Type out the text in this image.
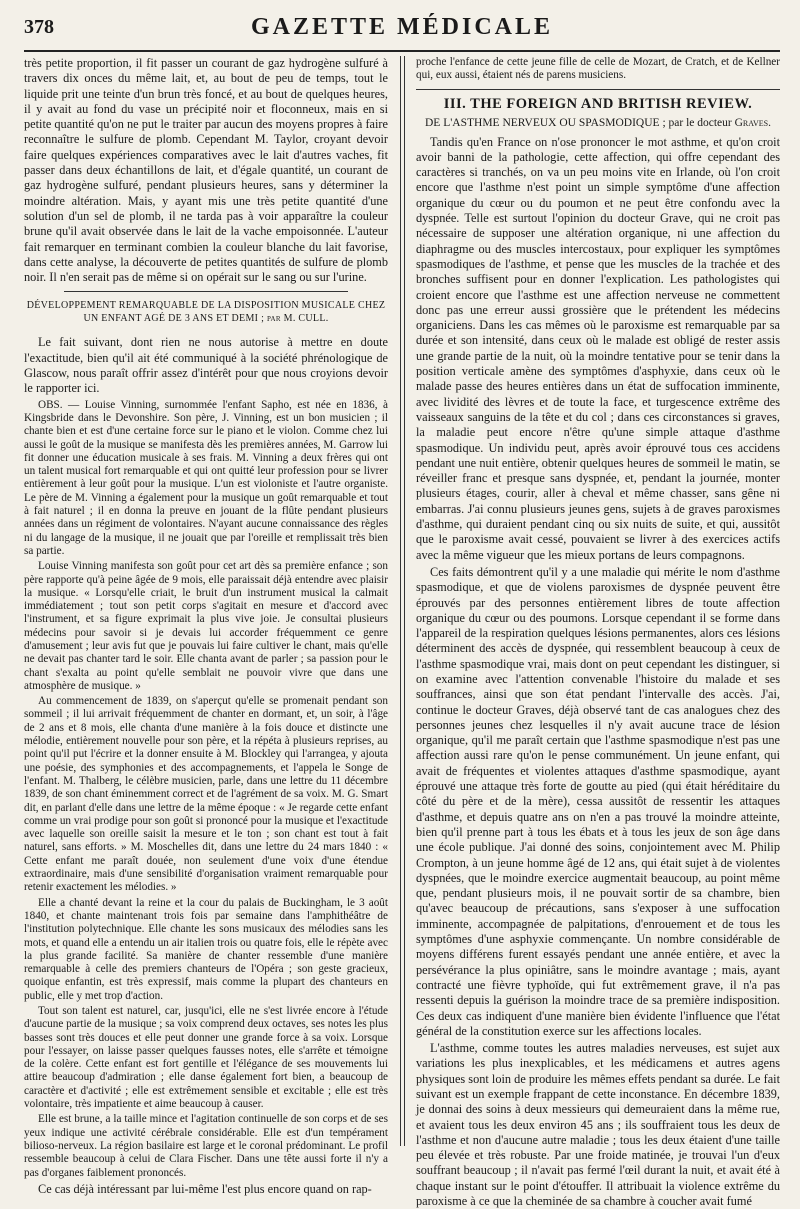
378	GAZETTE MÉDICALE

très petite proportion, il fit passer un courant de gaz hydrogène sulfuré à travers dix onces du même lait, et, au bout de peu de temps, tout le liquide prit une teinte d'un brun très foncé, et au bout de quelques heures, il y avait au fond du vase un précipité noir et floconneux, mais en si petite quantité qu'on ne put le traiter par aucun des moyens propres à faire reconnaître le sulfure de plomb. Cependant M. Taylor, croyant devoir faire quelques expériences comparatives avec le lait d'autres vaches, fit passer dans deux échantillons de lait, et d'égale quantité, un courant de gaz hydrogène sulfuré, pendant plusieurs heures, sans y déterminer la moindre altération. Mais, y ayant mis une très petite quantité d'une solution d'un sel de plomb, il ne tarda pas à voir apparaître la couleur brune qu'il avait observée dans le lait de la vache empoisonnée. L'auteur fait remarquer en terminant combien la couleur blanche du lait favorise, dans cette analyse, la découverte de petites quantités de sulfure de plomb noir. Il n'en serait pas de même si on opérait sur le sang ou sur l'urine.

DÉVELOPPEMENT REMARQUABLE DE LA DISPOSITION MUSICALE CHEZ UN ENFANT AGÉ DE 3 ANS ET DEMI ; par M. CULL.

Le fait suivant, dont rien ne nous autorise à mettre en doute l'exactitude, bien qu'il ait été communiqué à la société phrénologique de Glascow, nous paraît offrir assez d'intérêt pour que nous croyions devoir le rapporter ici.

OBS. — Louise Vinning, surnommée l'enfant Sapho, est née en 1836, à Kingsbride dans le Devonshire. Son père, J. Vinning, est un bon musicien ; il chante bien et est d'une certaine force sur le piano et le violon. Comme chez lui aussi le goût de la musique se manifesta dès les premières années, M. Garrow lui fit donner une éducation musicale à ses frais. M. Vinning a deux frères qui ont un talent musical fort remarquable et qui ont quitté leur profession pour se livrer entièrement à leur goût pour la musique. L'un est violoniste et l'autre organiste. Le père de M. Vinning a également pour la musique un goût remarquable et tout à fait naturel ; il en donna la preuve en jouant de la flûte pendant plusieurs années dans un régiment de volontaires. N'ayant aucune connaissance des règles ni du langage de la musique, il ne jouait que par l'oreille et remplissait très bien sa partie.

Louise Vinning manifesta son goût pour cet art dès sa première enfance ; son père rapporte qu'à peine âgée de 9 mois, elle paraissait déjà entendre avec plaisir la musique. « Lorsqu'elle criait, le bruit d'un instrument musical la calmait immédiatement ; tout son petit corps s'agitait en mesure et d'accord avec l'instrument, et sa figure exprimait la plus vive joie. Je consultai plusieurs médecins pour savoir si je devais lui accorder fréquemment ce genre d'amusement ; leur avis fut que je pouvais lui faire cultiver le chant, mais qu'elle ne devait pas chanter tard le soir. Elle chanta avant de parler ; sa passion pour le chant s'exalta au point qu'elle semblait ne pouvoir vivre que dans une atmosphère de musique. »

Au commencement de 1839, on s'aperçut qu'elle se promenait pendant son sommeil ; il lui arrivait fréquemment de chanter en dormant, et, un soir, à l'âge de 2 ans et 8 mois, elle chanta d'une manière à la fois douce et distincte une mélodie, entièrement nouvelle pour son père, et la répéta à plusieurs reprises, au point qu'il put l'écrire et la donner ensuite à M. Blockley qui l'arrangea, y ajouta une poésie, des symphonies et des accompagnements, et l'appela le Songe de l'enfant. M. Thalberg, le célèbre musicien, parle, dans une lettre du 11 décembre 1839, de son chant éminemment correct et de l'agrément de sa voix. M. G. Smart dit, en parlant d'elle dans une lettre de la même époque : « Je regarde cette enfant comme un vrai prodige pour son goût si prononcé pour la musique et l'exactitude avec laquelle son oreille saisit la mesure et le ton ; son chant est tout à fait naturel, sans efforts. » M. Moschelles dit, dans une lettre du 24 mars 1840 : « Cette enfant me paraît douée, non seulement d'une voix d'une étendue extraordinaire, mais d'une sensibilité d'organisation vraiment remarquable pour retenir exactement les mélodies. »

Elle a chanté devant la reine et la cour du palais de Buckingham, le 3 août 1840, et chante maintenant trois fois par semaine dans l'amphithéâtre de l'institution polytechnique. Elle chante les sons musicaux des mélodies sans les mots, et quand elle a entendu un air italien trois ou quatre fois, elle le répète avec la plus grande facilité. Sa manière de chanter ressemble d'une manière remarquable à celle des premiers chanteurs de l'Opéra ; son geste gracieux, quoique enfantin, est très expressif, mais comme la plupart des chanteurs en public, elle y met trop d'action.

Tout son talent est naturel, car, jusqu'ici, elle ne s'est livrée encore à l'étude d'aucune partie de la musique ; sa voix comprend deux octaves, ses notes les plus basses sont très douces et elle peut donner une grande force à sa voix. Lorsque pour l'essayer, on laisse passer quelques fausses notes, elle s'arrête et témoigne de la colère. Cette enfant est fort gentille et l'élégance de ses mouvements lui attire beaucoup d'admiration ; elle danse également fort bien, a beaucoup de caractère et d'activité ; elle est extrêmement sensible et excitable ; elle est très volontaire, très impatiente et aime beaucoup à causer.

Elle est brune, a la taille mince et l'agitation continuelle de son corps et de ses yeux indique une activité cérébrale considérable. Elle est d'un tempérament bilioso-nerveux. La région basilaire est large et le coronal prédominant. Le profil ressemble beaucoup à celui de Clara Fischer. Dans une tête aussi forte il n'y a pas d'organes faiblement prononcés.

Ce cas déjà intéressant par lui-même l'est plus encore quand on rap-

proche l'enfance de cette jeune fille de celle de Mozart, de Cratch, et de Kellner qui, eux aussi, étaient nés de parens musiciens.

III. THE FOREIGN AND BRITISH REVIEW.
DE L'ASTHME NERVEUX OU SPASMODIQUE ; par le docteur Graves.

Tandis qu'en France on n'ose prononcer le mot asthme, et qu'on croit avoir banni de la pathologie, cette affection, qui offre cependant des caractères si tranchés, on va un peu moins vite en Irlande, où l'on croit encore que l'asthme n'est point un simple symptôme d'une affection organique du cœur ou du poumon et ne peut être confondu avec la dyspnée. Telle est surtout l'opinion du docteur Grave, qui ne croit pas nécessaire de supposer une altération organique, ni une affection du diaphragme ou des muscles intercostaux, pour expliquer les symptômes spasmodiques de l'asthme, et pense que les muscles de la trachée et des bronches suffisent pour en donner l'explication. Les pathologistes qui croient encore que l'asthme est une affection nerveuse ne commettent donc pas une erreur aussi grossière que le prétendent les médecins organiciens. Dans les cas mêmes où le paroxisme est remarquable par sa durée et son intensité, dans ceux où le malade est obligé de rester assis une grande partie de la nuit, où la moindre tentative pour se tenir dans la position verticale amène des symptômes d'asphyxie, dans ceux où le malade passe des heures entières dans un état de suffocation imminente, avec lividité des lèvres et de toute la face, et turgescence extrême des vaisseaux sanguins de la tête et du col ; dans ces circonstances si graves, la maladie peut encore n'être qu'une simple attaque d'asthme spasmodique. Un individu peut, après avoir éprouvé tous ces accidens pendant une nuit entière, obtenir quelques heures de sommeil le matin, se réveiller franc et presque sans dyspnée, et, pendant la journée, monter plusieurs étages, courir, aller à cheval et même chasser, sans gêne ni embarras. J'ai connu plusieurs jeunes gens, sujets à de graves paroxismes d'asthme, qui duraient pendant cinq ou six nuits de suite, et qui, aussitôt que le paroxisme avait cessé, pouvaient se livrer à des exercices actifs avec la même vigueur que les mieux portans de leurs compagnons.

Ces faits démontrent qu'il y a une maladie qui mérite le nom d'asthme spasmodique, et que de violens paroxismes de dyspnée peuvent être éprouvés par des personnes entièrement libres de toute affection organique du cœur ou des poumons. Lorsque cependant il se forme dans l'appareil de la respiration quelques lésions permanentes, alors ces lésions déterminent des accès de dyspnée, qui ressemblent beaucoup à ceux de l'asthme spasmodique vrai, mais dont on peut cependant les distinguer, si on examine avec l'attention convenable l'histoire du malade et ses souffrances, ainsi que son état pendant l'intervalle des accès. J'ai, continue le docteur Graves, déjà observé tant de cas analogues chez des personnes jeunes chez lesquelles il n'y avait aucune trace de lésion organique, qu'il me paraît certain que l'asthme spasmodique n'est pas une affection aussi rare qu'on le pense communément. Un jeune enfant, qui avait de fréquentes et violentes attaques d'asthme spasmodique, ayant éprouvé une attaque très forte de goutte au pied (qui était héréditaire du côté du père et de la mère), cessa aussitôt de ressentir les attaques d'asthme, et depuis quatre ans on n'en a pas trouvé la moindre atteinte, bien qu'il prenne part à tous les ébats et à tous les jeux de son âge dans une école publique. J'ai donné des soins, conjointement avec M. Philip Crompton, à un jeune homme âgé de 12 ans, qui était sujet à de violentes dyspnées, que le moindre exercice augmentait beaucoup, au point même que, pendant plusieurs mois, il ne pouvait sortir de sa chambre, bien qu'avec beaucoup de précautions, sans s'exposer à une suffocation imminente, accompagnée de palpitations, d'enrouement et de tous les symptômes d'une asphyxie commençante. Un nombre considérable de moyens différens furent essayés pendant une année entière, et avec la persévérance la plus opiniâtre, sans le moindre avantage ; mais, ayant contracté une fièvre typhoïde, qui fut extrêmement grave, il n'a pas ressenti depuis la guérison la moindre trace de sa première indisposition. Ces deux cas indiquent d'une manière bien évidente l'influence que l'état général de la constitution exerce sur les affections locales.

L'asthme, comme toutes les autres maladies nerveuses, est sujet aux variations les plus inexplicables, et les médicamens et autres agens physiques sont loin de produire les mêmes effets pendant sa durée. Le fait suivant est un exemple frappant de cette inconstance. En décembre 1839, je donnai des soins à deux messieurs qui demeuraient dans la même rue, et avaient tous les deux environ 45 ans ; ils souffraient tous les deux de l'asthme et non d'aucune autre maladie ; tous les deux étaient d'une taille peu élevée et très robuste. Par une froide matinée, je trouvai l'un d'eux souffrant beaucoup ; il n'avait pas fermé l'œil durant la nuit, et avait été à chaque instant sur le point d'étouffer. Il attribuait la violence extrême du paroxisme à ce que la cheminée de sa chambre à coucher avait fumé
